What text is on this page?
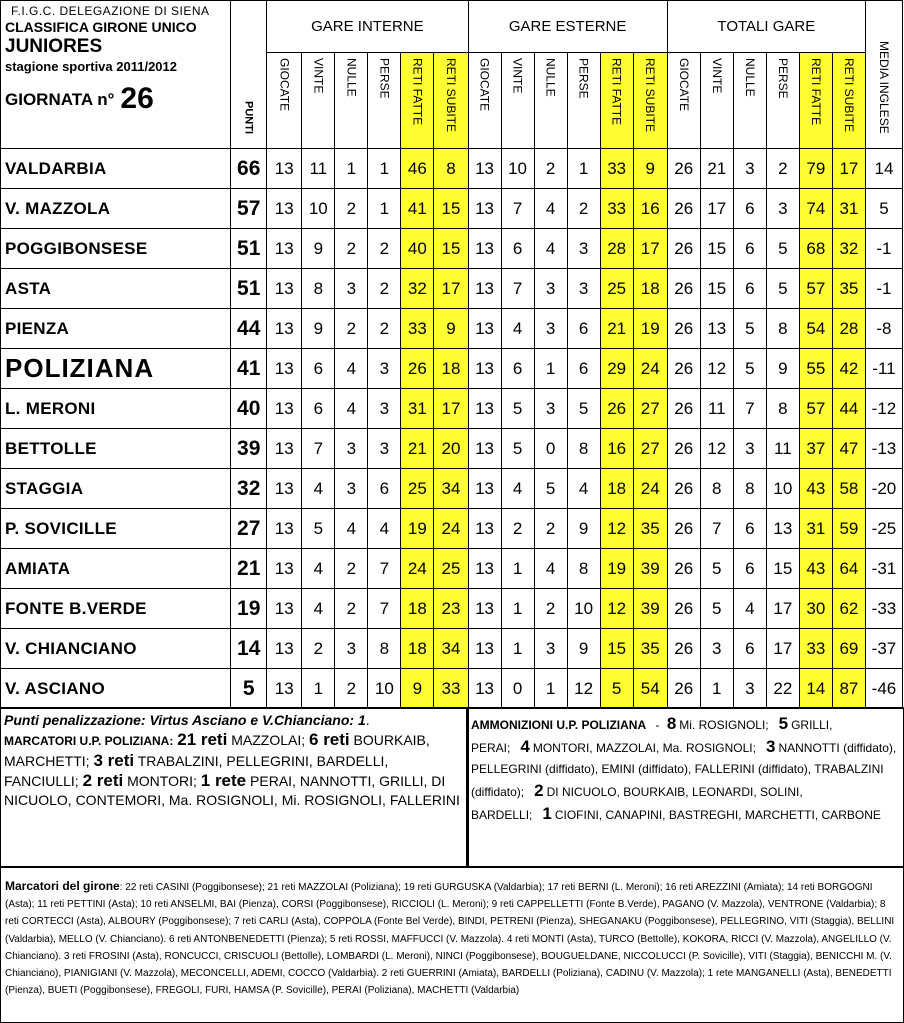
F.I.G.C. DELEGAZIONE DI SIENA
CLASSIFICA GIRONE UNICO
JUNIORES
stagione sportiva 2011/2012
GIORNATA n° 26	PUNTI	GARE INTERNE						GARE ESTERNE						TOTALI GARE						MEDIA INGLESE

		GIOCATE	VINTE	NULLE	PERSE	RETI FATTE	RETI SUBITE	GIOCATE	VINTE	NULLE	PERSE	RETI FATTE	RETI SUBITE	GIOCATE	VINTE	NULLE	PERSE	RETI FATTE	RETI SUBITE	

VALDARBIA	66	13	11	1	1	46	8	13	10	2	1	33	9	26	21	3	2	79	17	14
V. MAZZOLA	57	13	10	2	1	41	15	13	7	4	2	33	16	26	17	6	3	74	31	5
POGGIBONSESE	51	13	9	2	2	40	15	13	6	4	3	28	17	26	15	6	5	68	32	-1
ASTA	51	13	8	3	2	32	17	13	7	3	3	25	18	26	15	6	5	57	35	-1
PIENZA	44	13	9	2	2	33	9	13	4	3	6	21	19	26	13	5	8	54	28	-8
POLIZIANA	41	13	6	4	3	26	18	13	6	1	6	29	24	26	12	5	9	55	42	-11
L. MERONI	40	13	6	4	3	31	17	13	5	3	5	26	27	26	11	7	8	57	44	-12
BETTOLLE	39	13	7	3	3	21	20	13	5	0	8	16	27	26	12	3	11	37	47	-13
STAGGIA	32	13	4	3	6	25	34	13	4	5	4	18	24	26	8	8	10	43	58	-20
P. SOVICILLE	27	13	5	4	4	19	24	13	2	2	9	12	35	26	7	6	13	31	59	-25
AMIATA	21	13	4	2	7	24	25	13	1	4	8	19	39	26	5	6	15	43	64	-31
FONTE B.VERDE	19	13	4	2	7	18	23	13	1	2	10	12	39	26	5	4	17	30	62	-33
V. CHIANCIANO	14	13	2	3	8	18	34	13	1	3	9	15	35	26	3	6	17	33	69	-37
V. ASCIANO	5	13	1	2	10	9	33	13	0	1	12	5	54	26	1	3	22	14	87	-46
Punti penalizzazione: Virtus Asciano e V.Chianciano: 1.
MARCATORI U.P. POLIZIANA: 21 reti MAZZOLAI; 6 reti BOURKAIB, MARCHETTI; 3 reti TRABALZINI, PELLEGRINI, BARDELLI, FANCIULLI; 2 reti MONTORI; 1 rete PERAI, NANNOTTI, GRILLI, DI NICUOLO, CONTEMORI, Ma. ROSIGNOLI, Mi. ROSIGNOLI, FALLERINI
AMMONIZIONI U.P. POLIZIANA - 8 Mi. ROSIGNOLI; 5 GRILLI, PERAI; 4 MONTORI, MAZZOLAI, Ma. ROSIGNOLI; 3 NANNOTTI (diffidato), PELLEGRINI (diffidato), EMINI (diffidato), FALLERINI (diffidato), TRABALZINI (diffidato); 2 DI NICUOLO, BOURKAIB, LEONARDI, SOLINI, BARDELLI; 1 CIOFINI, CANAPINI, BASTREGHI, MARCHETTI, CARBONE
Marcatori del girone: 22 reti CASINI (Poggibonsese); 21 reti MAZZOLAI (Poliziana); 19 reti GURGUSKA (Valdarbia); 17 reti BERNI (L. Meroni); 16 reti AREZZINI (Amiata); 14 reti BORGOGNI (Asta); 11 reti PETTINI (Asta); 10 reti ANSELMI, BAI (Pienza), CORSI (Poggibonsese), RICCIOLI (L. Meroni); 9 reti CAPPELLETTI (Fonte B.Verde), PAGANO (V. Mazzola), VENTRONE (Valdarbia); 8 reti CORTECCI (Asta), ALBOURY (Poggibonsese); 7 reti CARLI (Asta), COPPOLA (Fonte Bel Verde), BINDI, PETRENI (Pienza), SHEGANAKU (Poggibonsese), PELLEGRINO, VITI (Staggia), BELLINI (Valdarbia), MELLO (V. Chianciano). 6 reti ANTONBENEDETTI (Pienza); 5 reti ROSSI, MAFFUCCI (V. Mazzola). 4 reti MONTI (Asta), TURCO (Bettolle), KOKORA, RICCI (V. Mazzola), ANGELILLO (V. Chianciano). 3 reti FROSINI (Asta), RONCUCCI, CRISCUOLI (Bettolle), LOMBARDI (L. Meroni), NINCI (Poggibonsese), BOUGUELDANE, NICCOLUCCI (P. Sovicille), VITI (Staggia), BENICCHI M. (V. Chianciano), PIANIGIANI (V. Mazzola), MECONCELLI, ADEMI, COCCO (Valdarbia). 2 reti GUERRINI (Amiata), BARDELLI (Poliziana), CADINU (V. Mazzola); 1 rete MANGANELLI (Asta), BENEDETTI (Pienza), BUETI (Poggibonsese), FREGOLI, FURI, HAMSA (P. Sovicille), PERAI (Poliziana), MACHETTI (Valdarbia)
